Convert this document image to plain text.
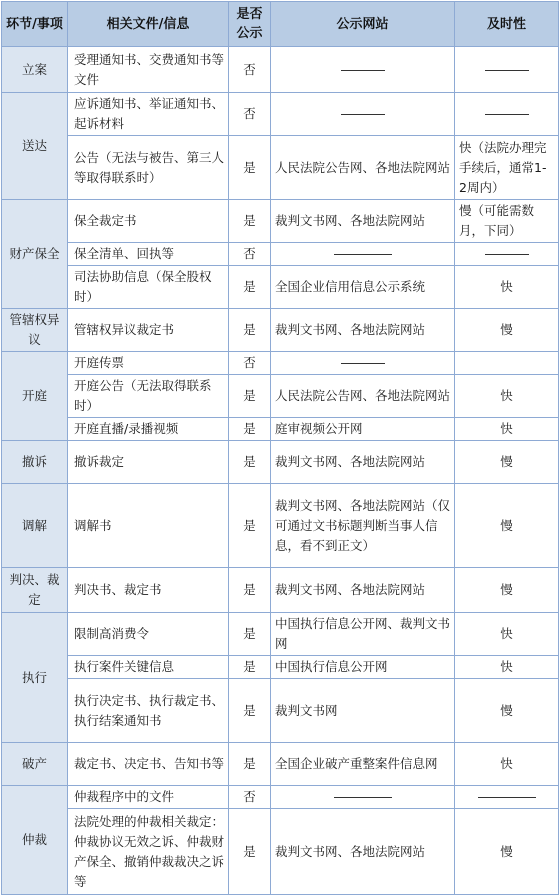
环节/事项	相关文件/信息	是否公示	公示网站	及时性
立案	受理通知书、交费通知书等文件	否		
送达	应诉通知书、举证通知书、起诉材料	否		
	公告（无法与被告、第三人等取得联系时）	是	人民法院公告网、各地法院网站	快（法院办理完手续后，通常1-2周内）
财产保全	保全裁定书	是	裁判文书网、各地法院网站	慢（可能需数月，下同）
	保全清单、回执等	否		
	司法协助信息（保全股权时）	是	全国企业信用信息公示系统	快
管辖权异议	管辖权异议裁定书	是	裁判文书网、各地法院网站	慢
开庭	开庭传票	否		
	开庭公告（无法取得联系时）	是	人民法院公告网、各地法院网站	快
	开庭直播/录播视频	是	庭审视频公开网	快
撤诉	撤诉裁定	是	裁判文书网、各地法院网站	慢
调解	调解书	是	裁判文书网、各地法院网站（仅可通过文书标题判断当事人信息，看不到正文）	慢
判决、裁定	判决书、裁定书	是	裁判文书网、各地法院网站	慢
执行	限制高消费令	是	中国执行信息公开网、裁判文书网	快
	执行案件关键信息	是	中国执行信息公开网	快
	执行决定书、执行裁定书、执行结案通知书	是	裁判文书网	慢
破产	裁定书、决定书、告知书等	是	全国企业破产重整案件信息网	快
仲裁	仲裁程序中的文件	否		
	法院处理的仲裁相关裁定：仲裁协议无效之诉、仲裁财产保全、撤销仲裁裁决之诉等	是	裁判文书网、各地法院网站	慢
